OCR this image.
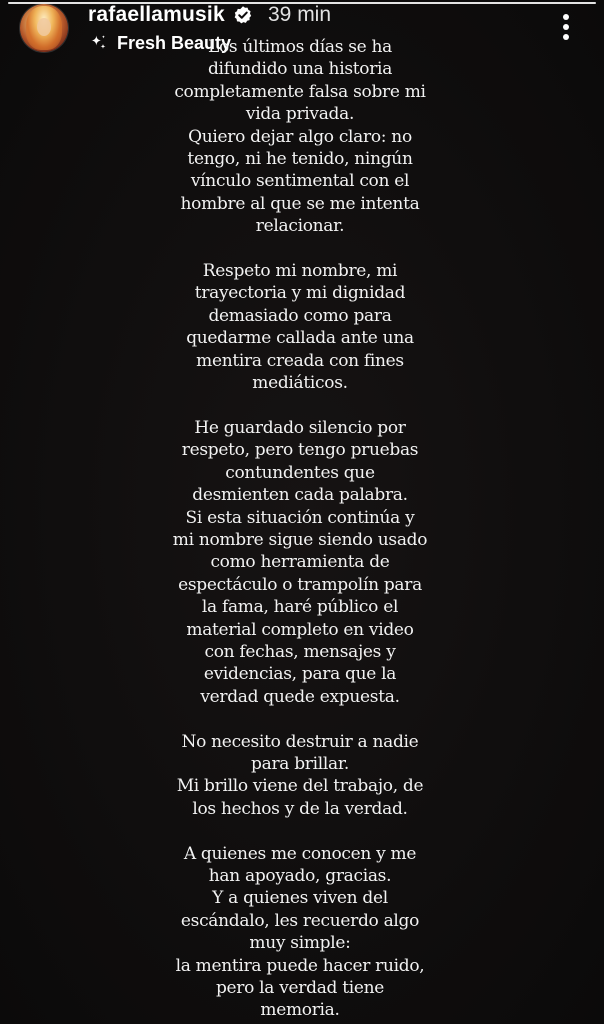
rafaellamusik 39 min
Fresh Beauty
Los últimos días se ha
difundido una historia
completamente falsa sobre mi
vida privada.
Quiero dejar algo claro: no
tengo, ni he tenido, ningún
vínculo sentimental con el
hombre al que se me intenta
relacionar.
Respeto mi nombre, mi
trayectoria y mi dignidad
demasiado como para
quedarme callada ante una
mentira creada con fines
mediáticos.
He guardado silencio por
respeto, pero tengo pruebas
contundentes que
desmienten cada palabra.
Si esta situación continúa y
mi nombre sigue siendo usado
como herramienta de
espectáculo o trampolín para
la fama, haré público el
material completo en video
con fechas, mensajes y
evidencias, para que la
verdad quede expuesta.
No necesito destruir a nadie
para brillar.
Mi brillo viene del trabajo, de
los hechos y de la verdad.
A quienes me conocen y me
han apoyado, gracias.
Y a quienes viven del
escándalo, les recuerdo algo
muy simple:
la mentira puede hacer ruido,
pero la verdad tiene
memoria.
